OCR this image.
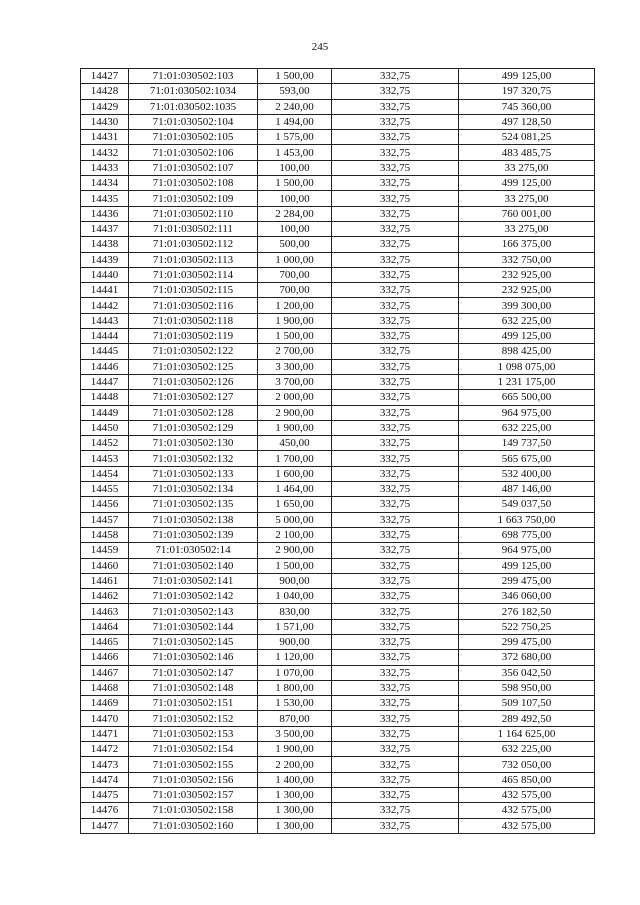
245
14427	71:01:030502:103	1 500,00	332,75	499 125,00
14428	71:01:030502:1034	593,00	332,75	197 320,75
14429	71:01:030502:1035	2 240,00	332,75	745 360,00
14430	71:01:030502:104	1 494,00	332,75	497 128,50
14431	71:01:030502:105	1 575,00	332,75	524 081,25
14432	71:01:030502:106	1 453,00	332,75	483 485,75
14433	71:01:030502:107	100,00	332,75	33 275,00
14434	71:01:030502:108	1 500,00	332,75	499 125,00
14435	71:01:030502:109	100,00	332,75	33 275,00
14436	71:01:030502:110	2 284,00	332,75	760 001,00
14437	71:01:030502:111	100,00	332,75	33 275,00
14438	71:01:030502:112	500,00	332,75	166 375,00
14439	71:01:030502:113	1 000,00	332,75	332 750,00
14440	71:01:030502:114	700,00	332,75	232 925,00
14441	71:01:030502:115	700,00	332,75	232 925,00
14442	71:01:030502:116	1 200,00	332,75	399 300,00
14443	71:01:030502:118	1 900,00	332,75	632 225,00
14444	71:01:030502:119	1 500,00	332,75	499 125,00
14445	71:01:030502:122	2 700,00	332,75	898 425,00
14446	71:01:030502:125	3 300,00	332,75	1 098 075,00
14447	71:01:030502:126	3 700,00	332,75	1 231 175,00
14448	71:01:030502:127	2 000,00	332,75	665 500,00
14449	71:01:030502:128	2 900,00	332,75	964 975,00
14450	71:01:030502:129	1 900,00	332,75	632 225,00
14452	71:01:030502:130	450,00	332,75	149 737,50
14453	71:01:030502:132	1 700,00	332,75	565 675,00
14454	71:01:030502:133	1 600,00	332,75	532 400,00
14455	71:01:030502:134	1 464,00	332,75	487 146,00
14456	71:01:030502:135	1 650,00	332,75	549 037,50
14457	71:01:030502:138	5 000,00	332,75	1 663 750,00
14458	71:01:030502:139	2 100,00	332,75	698 775,00
14459	71:01:030502:14	2 900,00	332,75	964 975,00
14460	71:01:030502:140	1 500,00	332,75	499 125,00
14461	71:01:030502:141	900,00	332,75	299 475,00
14462	71:01:030502:142	1 040,00	332,75	346 060,00
14463	71:01:030502:143	830,00	332,75	276 182,50
14464	71:01:030502:144	1 571,00	332,75	522 750,25
14465	71:01:030502:145	900,00	332,75	299 475,00
14466	71:01:030502:146	1 120,00	332,75	372 680,00
14467	71:01:030502:147	1 070,00	332,75	356 042,50
14468	71:01:030502:148	1 800,00	332,75	598 950,00
14469	71:01:030502:151	1 530,00	332,75	509 107,50
14470	71:01:030502:152	870,00	332,75	289 492,50
14471	71:01:030502:153	3 500,00	332,75	1 164 625,00
14472	71:01:030502:154	1 900,00	332,75	632 225,00
14473	71:01:030502:155	2 200,00	332,75	732 050,00
14474	71:01:030502:156	1 400,00	332,75	465 850,00
14475	71:01:030502:157	1 300,00	332,75	432 575,00
14476	71:01:030502:158	1 300,00	332,75	432 575,00
14477	71:01:030502:160	1 300,00	332,75	432 575,00
